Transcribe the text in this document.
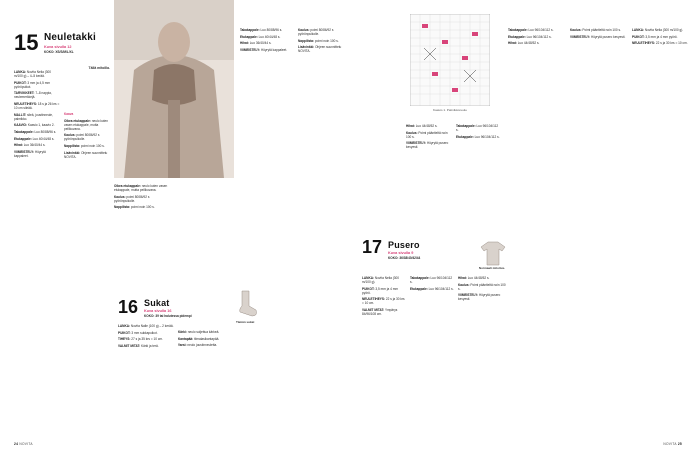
15 Neuletakki
Kuva sivulla 12
KOKO: XS/S/M/L/XL
Tällä mitoilla.

LANKA: Novita Nelia (300 m/100 g) – 4–5 kerää.

PUIKOT: 3 mm ja 4,5 mm pyöröpuikot.

TARVIKKEET: 7–8 nappia, neulemerkkejä.

NEULETIHEYS: 18 s ja 26 krs = 10 cm sileää.

MALLIT: sileä, joustinneule, palmikko.

KAAVIO: Kaavio 1, kaavio 2.

Takakappale: Luo 80/88/96 s.

Etukappale: Luo 40/44/48 s.

Hihat: Luo 36/40/44 s.

VIIMEISTELY: Höyrytä kappaleet.

Kaava

Oikea etukappale: neulo kuten vasen etukappale, mutta peilikuvana.

Kaulus: poimi 80/86/92 s pyörönpuikolle.

Nappilista: poimi noin 100 s.

Lisävinkki: Ohjeen suunnittelu NOVITA.

Oikea etukappale: neulo kuten vasen etukappale, mutta peilikuvana.

Kaulus: poimi 80/86/92 s pyörönpuikolle.

Nappilista: poimi noin 100 s.

16 Sukat
Kuva sivulla 16
KOKO: 39 tai halutessa pidempi
Tämän sukat

LANKA: Novita Nalle (100 g) – 2 kerää.

PUIKOT: 3 mm sukkapuikot.

TIHEYS: 27 s ja 35 krs = 10 cm.

VALMIT MITAT: Kärki ja terä.

Kärki: neulo suljettua kärkeä.

Kantapää: tiimalasikantapää.

Varsi: neulo joustinneuletta.

Takakappale: Luo 80/88/96 s.

Etukappale: Luo 40/44/48 s.

Hihat: Luo 36/40/44 s.

VIIMEISTELY: Höyrytä kappaleet.

Kaulus: poimi 80/86/92 s pyörönpuikolle.

Nappilista: poimi noin 100 s.

Lisävinkki: Ohjeen suunnittelu NOVITA.

24 NOVITA
Kaavio 1. Palmikkoneule

Hihat: Luo 44/48/52 s.

Kaulus: Poimi pääntieltä noin 100 s.

VIIMEISTELY: Höyrytä pusero kevyesti.

Takakappale: Luo 96/104/112 s.

Etukappale: Luo 96/104/112 s.

17 Pusero
Kuva sivulla 9
KOKO: 36/38/40/42/44
Normaali mitoitus.

LANKA: Novita Nelia (300 m/100 g).

PUIKOT: 3,5 mm ja 4 mm pyörö.

NEULETIHEYS: 22 s ja 30 krs = 10 cm.

VALMIT MITAT: Ympärys 84/96/108 cm.

Takakappale: Luo 96/104/112 s.

Etukappale: Luo 96/104/112 s.

Hihat: Luo 44/48/52 s.

Kaulus: Poimi pääntieltä noin 100 s.

VIIMEISTELY: Höyrytä pusero kevyesti.

Takakappale: Luo 96/104/112 s.

Etukappale: Luo 96/104/112 s.

Hihat: Luo 44/48/52 s.

Kaulus: Poimi pääntieltä noin 100 s.

VIIMEISTELY: Höyrytä pusero kevyesti.

LANKA: Novita Nelia (300 m/100 g).

PUIKOT: 3,5 mm ja 4 mm pyörö.

NEULETIHEYS: 22 s ja 30 krs = 10 cm.

NOVITA 25
